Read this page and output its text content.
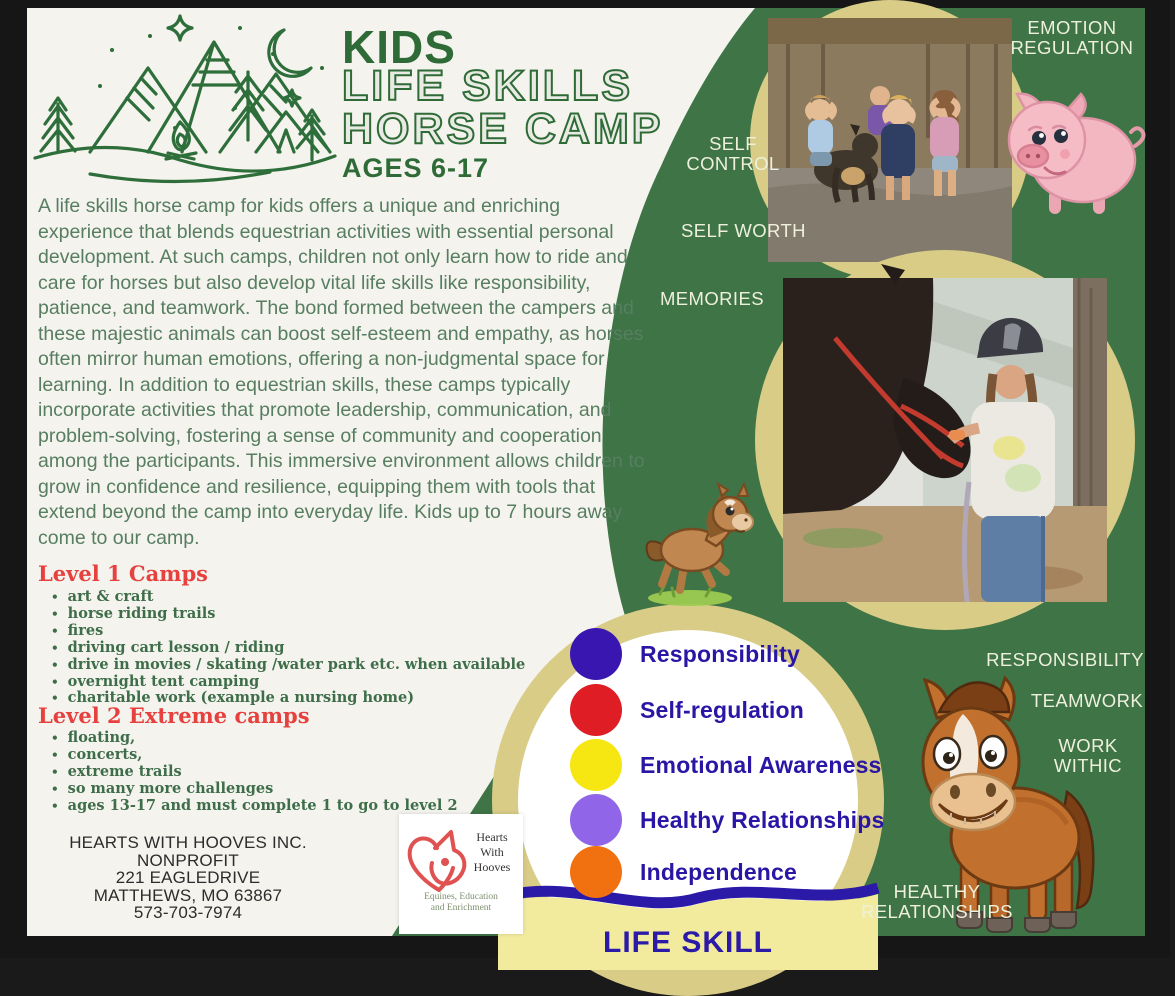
Responsibility
Self-regulation
Emotional Awareness
Healthy Relationships
Independence
LIFE SKILL
KIDS
LIFE SKILLS
HORSE CAMP
AGES 6-17
A life skills horse camp for kids offers a unique and enriching experience that blends equestrian activities with essential personal development. At such camps, children not only learn how to ride and care for horses but also develop vital life skills like responsibility, patience, and teamwork. The bond formed between the campers and these majestic animals can boost self-esteem and empathy, as horses often mirror human emotions, offering a non-judgmental space for learning. In addition to equestrian skills, these camps typically incorporate activities that promote leadership, communication, and problem-solving, fostering a sense of community and cooperation among the participants. This immersive environment allows children to grow in confidence and resilience, equipping them with tools that extend beyond the camp into everyday life. Kids up to 7 hours away come to our camp.
Level 1 Camps
• art & craft
• horse riding trails
• fires
• driving cart lesson / riding
• drive in movies / skating /water park etc. when available
• overnight tent camping
• charitable work (example a nursing home)
Level 2 Extreme camps
• floating,
• concerts,
• extreme trails
• so many more challenges
• ages 13-17 and must complete 1 to go to level 2
HEARTS WITH HOOVES INC.
NONPROFIT
221 EAGLEDRIVE
MATTHEWS, MO 63867
573-703-7974
Hearts
With
Hooves
Equines, Education
and Enrichment
EMOTION
REGULATION
SELF
CONTROL
SELF WORTH
MEMORIES
RESPONSIBILITY
TEAMWORK
WORK
WITHIC
HEALTHY
RELATIONSHIPS
